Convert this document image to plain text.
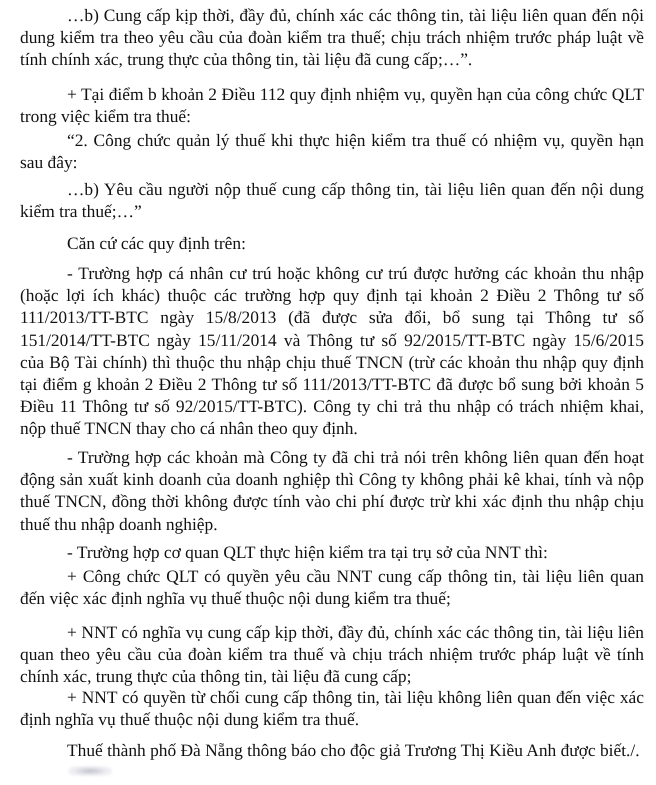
…b) Cung cấp kịp thời, đầy đủ, chính xác các thông tin, tài liệu liên quan đến nội dung kiểm tra theo yêu cầu của đoàn kiểm tra thuế; chịu trách nhiệm trước pháp luật về tính chính xác, trung thực của thông tin, tài liệu đã cung cấp;…”.

+ Tại điểm b khoản 2 Điều 112 quy định nhiệm vụ, quyền hạn của công chức QLT trong việc kiểm tra thuế:

“2. Công chức quản lý thuế khi thực hiện kiểm tra thuế có nhiệm vụ, quyền hạn sau đây:

…b) Yêu cầu người nộp thuế cung cấp thông tin, tài liệu liên quan đến nội dung kiểm tra thuế;…”

Căn cứ các quy định trên:

- Trường hợp cá nhân cư trú hoặc không cư trú được hưởng các khoản thu nhập (hoặc lợi ích khác) thuộc các trường hợp quy định tại khoản 2 Điều 2 Thông tư số 111/2013/TT-BTC ngày 15/8/2013 (đã được sửa đổi, bổ sung tại Thông tư số 151/2014/TT-BTC ngày 15/11/2014 và Thông tư số 92/2015/TT-BTC ngày 15/6/2015 của Bộ Tài chính) thì thuộc thu nhập chịu thuế TNCN (trừ các khoản thu nhập quy định tại điểm g khoản 2 Điều 2 Thông tư số 111/2013/TT-BTC đã được bổ sung bởi khoản 5 Điều 11 Thông tư số 92/2015/TT-BTC). Công ty chi trả thu nhập có trách nhiệm khai, nộp thuế TNCN thay cho cá nhân theo quy định.

- Trường hợp các khoản mà Công ty đã chi trả nói trên không liên quan đến hoạt động sản xuất kinh doanh của doanh nghiệp thì Công ty không phải kê khai, tính và nộp thuế TNCN, đồng thời không được tính vào chi phí được trừ khi xác định thu nhập chịu thuế thu nhập doanh nghiệp.

- Trường hợp cơ quan QLT thực hiện kiểm tra tại trụ sở của NNT thì:

+ Công chức QLT có quyền yêu cầu NNT cung cấp thông tin, tài liệu liên quan đến việc xác định nghĩa vụ thuế thuộc nội dung kiểm tra thuế;

+ NNT có nghĩa vụ cung cấp kịp thời, đầy đủ, chính xác các thông tin, tài liệu liên quan theo yêu cầu của đoàn kiểm tra thuế và chịu trách nhiệm trước pháp luật về tính chính xác, trung thực của thông tin, tài liệu đã cung cấp;

+ NNT có quyền từ chối cung cấp thông tin, tài liệu không liên quan đến việc xác định nghĩa vụ thuế thuộc nội dung kiểm tra thuế.

Thuế thành phố Đà Nẵng thông báo cho độc giả Trương Thị Kiều Anh được biết./.
